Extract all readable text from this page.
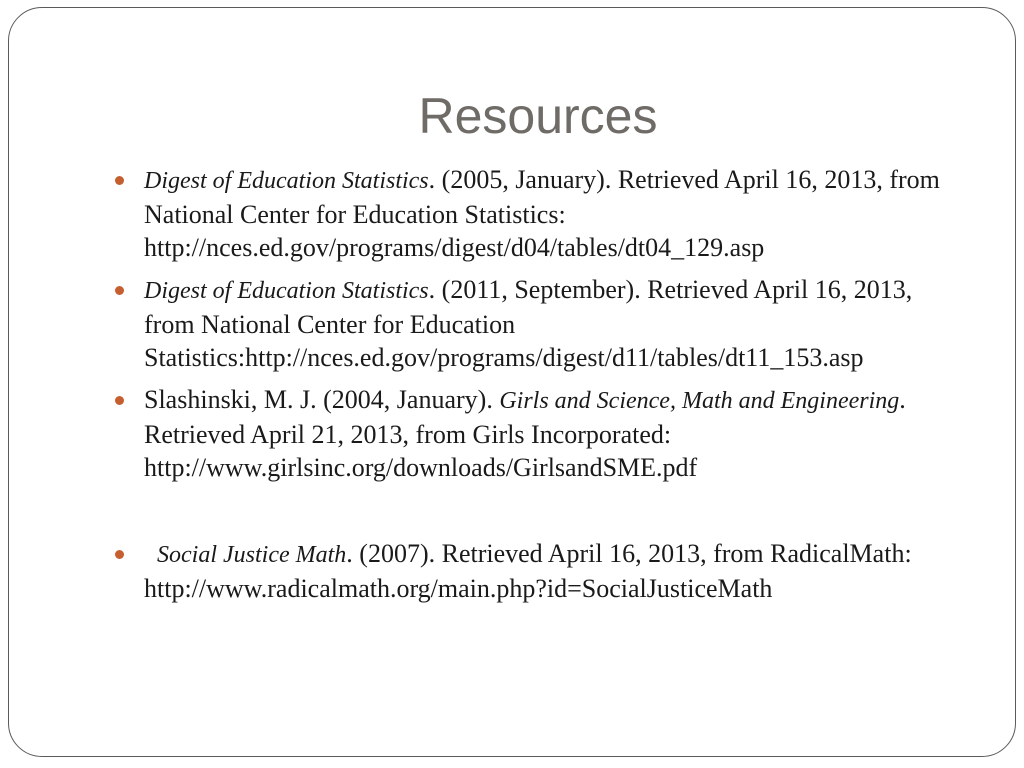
Resources
Digest of Education Statistics. (2005, January). Retrieved April 16, 2013, from National Center for Education Statistics: http://nces.ed.gov/programs/digest/d04/tables/dt04_129.asp
Digest of Education Statistics. (2011, September). Retrieved April 16, 2013, from National Center for Education Statistics:http://nces.ed.gov/programs/digest/d11/tables/dt11_153.asp
Slashinski, M. J. (2004, January). Girls and Science, Math and Engineering. Retrieved April 21, 2013, from Girls Incorporated: http://www.girlsinc.org/downloads/GirlsandSME.pdf
Social Justice Math. (2007). Retrieved April 16, 2013, from RadicalMath: http://www.radicalmath.org/main.php?id=SocialJusticeMath
